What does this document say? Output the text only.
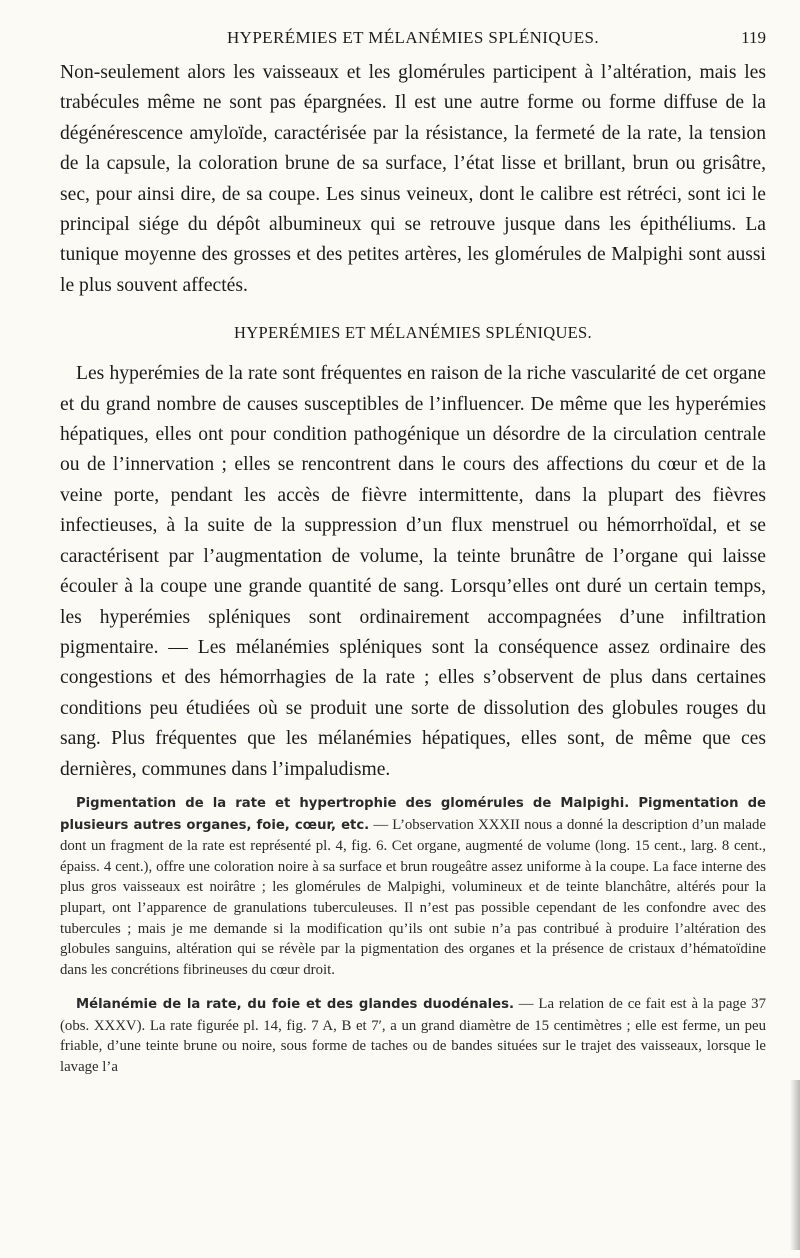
HYPERÉMIES ET MÉLANÉMIES SPLÉNIQUES.	119

Non-seulement alors les vaisseaux et les glomérules participent à l’altération, mais les trabécules même ne sont pas épargnées. Il est une autre forme ou forme diffuse de la dégénérescence amyloïde, caractérisée par la résistance, la fermeté de la rate, la tension de la capsule, la coloration brune de sa surface, l’état lisse et brillant, brun ou grisâtre, sec, pour ainsi dire, de sa coupe. Les sinus veineux, dont le calibre est rétréci, sont ici le principal siége du dépôt albumineux qui se retrouve jusque dans les épithéliums. La tunique moyenne des grosses et des petites artères, les glomérules de Malpighi sont aussi le plus souvent affectés.

HYPERÉMIES ET MÉLANÉMIES SPLÉNIQUES.

Les hyperémies de la rate sont fréquentes en raison de la riche vascularité de cet organe et du grand nombre de causes susceptibles de l’influencer. De même que les hyperémies hépatiques, elles ont pour condition pathogénique un désordre de la circulation centrale ou de l’innervation ; elles se rencontrent dans le cours des affections du cœur et de la veine porte, pendant les accès de fièvre intermittente, dans la plupart des fièvres infectieuses, à la suite de la suppression d’un flux menstruel ou hémorrhoïdal, et se caractérisent par l’augmentation de volume, la teinte brunâtre de l’organe qui laisse écouler à la coupe une grande quantité de sang. Lorsqu’elles ont duré un certain temps, les hyperémies spléniques sont ordinairement accompagnées d’une infiltration pigmentaire. — Les mélanémies spléniques sont la conséquence assez ordinaire des congestions et des hémorrhagies de la rate ; elles s’observent de plus dans certaines conditions peu étudiées où se produit une sorte de dissolution des globules rouges du sang. Plus fréquentes que les mélanémies hépatiques, elles sont, de même que ces dernières, communes dans l’impaludisme.

Pigmentation de la rate et hypertrophie des glomérules de Malpighi. Pigmentation de plusieurs autres organes, foie, cœur, etc. — L’observation XXXII nous a donné la description d’un malade dont un fragment de la rate est représenté pl. 4, fig. 6. Cet organe, augmenté de volume (long. 15 cent., larg. 8 cent., épaiss. 4 cent.), offre une coloration noire à sa surface et brun rougeâtre assez uniforme à la coupe. La face interne des plus gros vaisseaux est noirâtre ; les glomérules de Malpighi, volumineux et de teinte blanchâtre, altérés pour la plupart, ont l’apparence de granulations tuberculeuses. Il n’est pas possible cependant de les confondre avec des tubercules ; mais je me demande si la modification qu’ils ont subie n’a pas contribué à produire l’altération des globules sanguins, altération qui se révèle par la pigmentation des organes et la présence de cristaux d’hématoïdine dans les concrétions fibrineuses du cœur droit.

Mélanémie de la rate, du foie et des glandes duodénales. — La relation de ce fait est à la page 37 (obs. XXXV). La rate figurée pl. 14, fig. 7 A, B et 7′, a un grand diamètre de 15 centimètres ; elle est ferme, un peu friable, d’une teinte brune ou noire, sous forme de taches ou de bandes situées sur le trajet des vaisseaux, lorsque le lavage l’a
